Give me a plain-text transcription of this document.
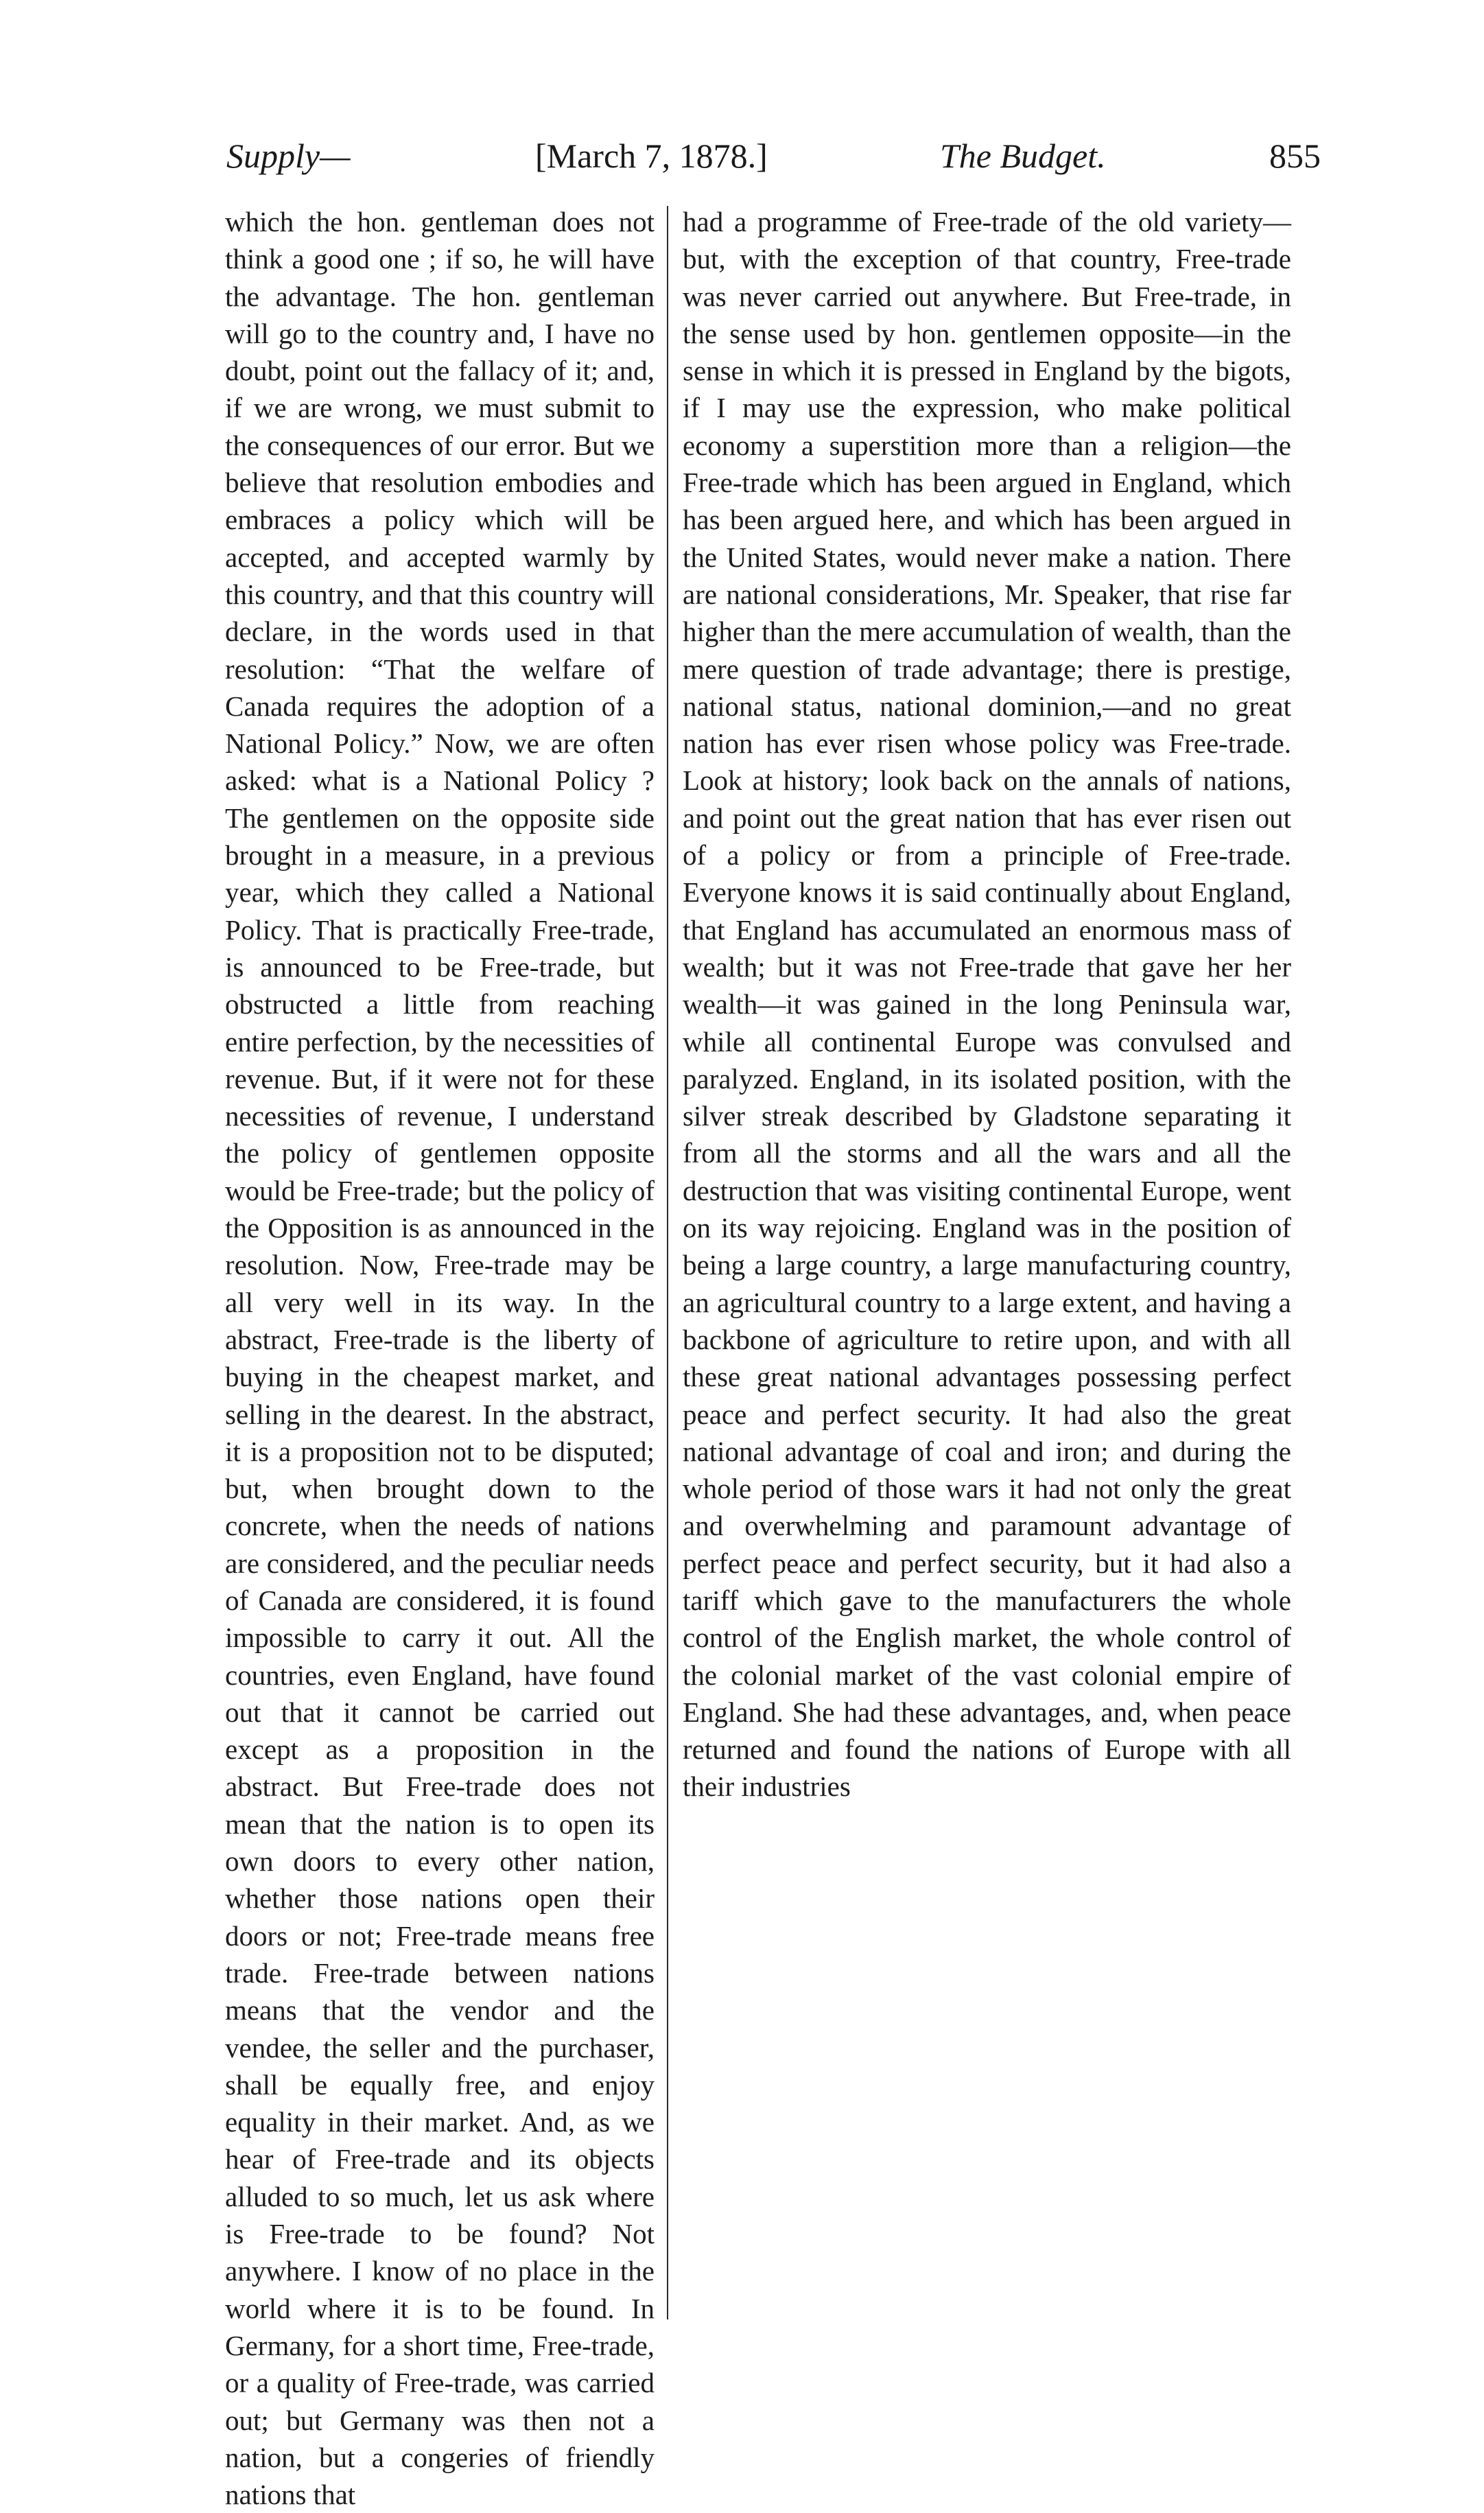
Supply—	[March 7, 1878.]	The Budget.	855
which the hon. gentleman does not think a good one ; if so, he will have the advantage. The hon. gentleman will go to the country and, I have no doubt, point out the fallacy of it; and, if we are wrong, we must submit to the consequences of our error. But we believe that resolution embodies and embraces a policy which will be accepted, and accepted warmly by this country, and that this country will declare, in the words used in that resolution: “That the welfare of Canada requires the adoption of a National Policy.” Now, we are often asked: what is a National Policy ? The gentlemen on the opposite side brought in a measure, in a previous year, which they called a National Policy. That is practically Free-trade, is announced to be Free-trade, but obstructed a little from reaching entire perfection, by the necessities of revenue. But, if it were not for these necessities of revenue, I understand the policy of gentlemen opposite would be Free-trade; but the policy of the Opposition is as announced in the resolution. Now, Free-trade may be all very well in its way. In the abstract, Free-trade is the liberty of buying in the cheapest market, and selling in the dearest. In the abstract, it is a proposition not to be disputed; but, when brought down to the concrete, when the needs of nations are considered, and the peculiar needs of Canada are considered, it is found impossible to carry it out. All the countries, even England, have found out that it cannot be carried out except as a proposition in the abstract. But Free-trade does not mean that the nation is to open its own doors to every other nation, whether those nations open their doors or not; Free-trade means free trade. Free-trade between nations means that the vendor and the vendee, the seller and the purchaser, shall be equally free, and enjoy equality in their market. And, as we hear of Free-trade and its objects alluded to so much, let us ask where is Free-trade to be found? Not anywhere. I know of no place in the world where it is to be found. In Germany, for a short time, Free-trade, or a quality of Free-trade, was carried out; but Germany was then not a nation, but a congeries of friendly nations that
had a programme of Free-trade of the old variety—but, with the exception of that country, Free-trade was never carried out anywhere. But Free-trade, in the sense used by hon. gentlemen opposite—in the sense in which it is pressed in England by the bigots, if I may use the expression, who make political economy a superstition more than a religion—the Free-trade which has been argued in England, which has been argued here, and which has been argued in the United States, would never make a nation. There are national considerations, Mr. Speaker, that rise far higher than the mere accumulation of wealth, than the mere question of trade advantage; there is prestige, national status, national dominion,—and no great nation has ever risen whose policy was Free-trade. Look at history; look back on the annals of nations, and point out the great nation that has ever risen out of a policy or from a principle of Free-trade. Everyone knows it is said continually about England, that England has accumulated an enormous mass of wealth; but it was not Free-trade that gave her her wealth—it was gained in the long Peninsula war, while all continental Europe was convulsed and paralyzed. England, in its isolated position, with the silver streak described by Gladstone separating it from all the storms and all the wars and all the destruction that was visiting continental Europe, went on its way rejoicing. England was in the position of being a large country, a large manufacturing country, an agricultural country to a large extent, and having a backbone of agriculture to retire upon, and with all these great national advantages possessing perfect peace and perfect security. It had also the great national advantage of coal and iron; and during the whole period of those wars it had not only the great and overwhelming and paramount advantage of perfect peace and perfect security, but it had also a tariff which gave to the manufacturers the whole control of the English market, the whole control of the colonial market of the vast colonial empire of England. She had these advantages, and, when peace returned and found the nations of Europe with all their industries
